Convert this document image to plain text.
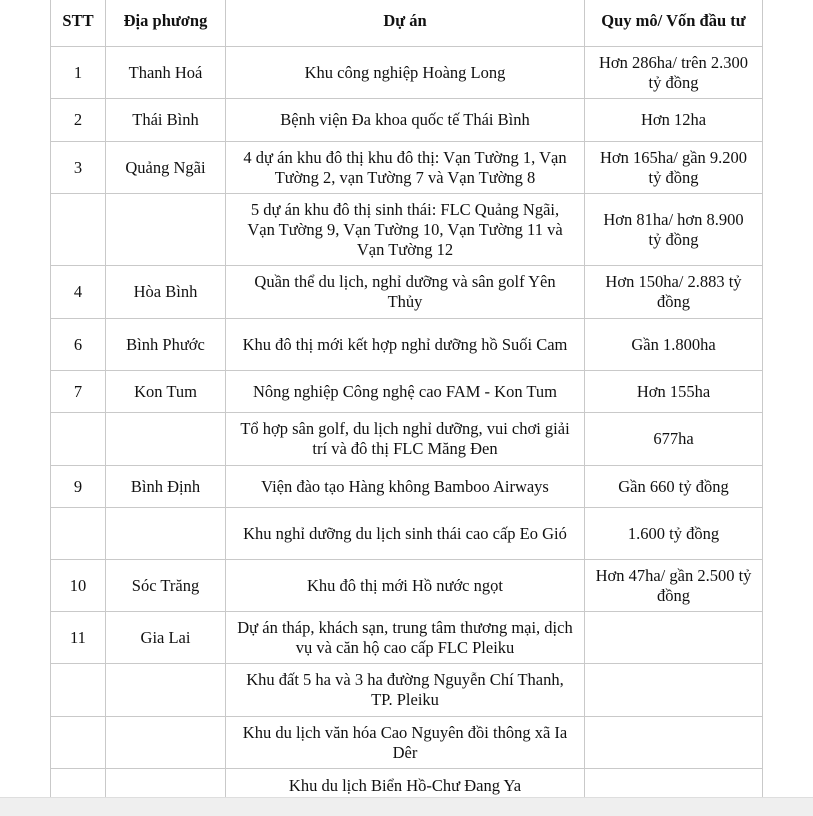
STT	Địa phương	Dự án	Quy mô/ Vốn đầu tư
1	Thanh Hoá	Khu công nghiệp Hoàng Long	Hơn 286ha/ trên 2.300 tỷ đồng
2	Thái Bình	Bệnh viện Đa khoa quốc tế Thái Bình	Hơn 12ha
3	Quảng Ngãi	4 dự án khu đô thị khu đô thị: Vạn Tường 1, Vạn Tường 2, vạn Tường 7 và Vạn Tường 8	Hơn 165ha/ gần 9.200 tỷ đồng
		5 dự án khu đô thị sinh thái: FLC Quảng Ngãi, Vạn Tường 9, Vạn Tường 10, Vạn Tường 11 và Vạn Tường 12	Hơn 81ha/ hơn 8.900 tỷ đồng
4	Hòa Bình	Quần thể du lịch, nghỉ dưỡng và sân golf Yên Thủy	Hơn 150ha/ 2.883 tỷ đồng
6	Bình Phước	Khu đô thị mới kết hợp nghỉ dưỡng hồ Suối Cam	Gần 1.800ha
7	Kon Tum	Nông nghiệp Công nghệ cao FAM - Kon Tum	Hơn 155ha
		Tổ hợp sân golf, du lịch nghỉ dưỡng, vui chơi giải trí và đô thị FLC Măng Đen	677ha
9	Bình Định	Viện đào tạo Hàng không Bamboo Airways	Gần 660 tỷ đồng
		Khu nghỉ dưỡng du lịch sinh thái cao cấp Eo Gió	1.600 tỷ đồng
10	Sóc Trăng	Khu đô thị mới Hồ nước ngọt	Hơn 47ha/ gần 2.500 tỷ đồng
11	Gia Lai	Dự án tháp, khách sạn, trung tâm thương mại, dịch vụ và căn hộ cao cấp FLC Pleiku	
		Khu đất 5 ha và 3 ha đường Nguyễn Chí Thanh, TP. Pleiku	
		Khu du lịch văn hóa Cao Nguyên đồi thông xã Ia Dêr	
		Khu du lịch Biển Hồ-Chư Đang Ya	
